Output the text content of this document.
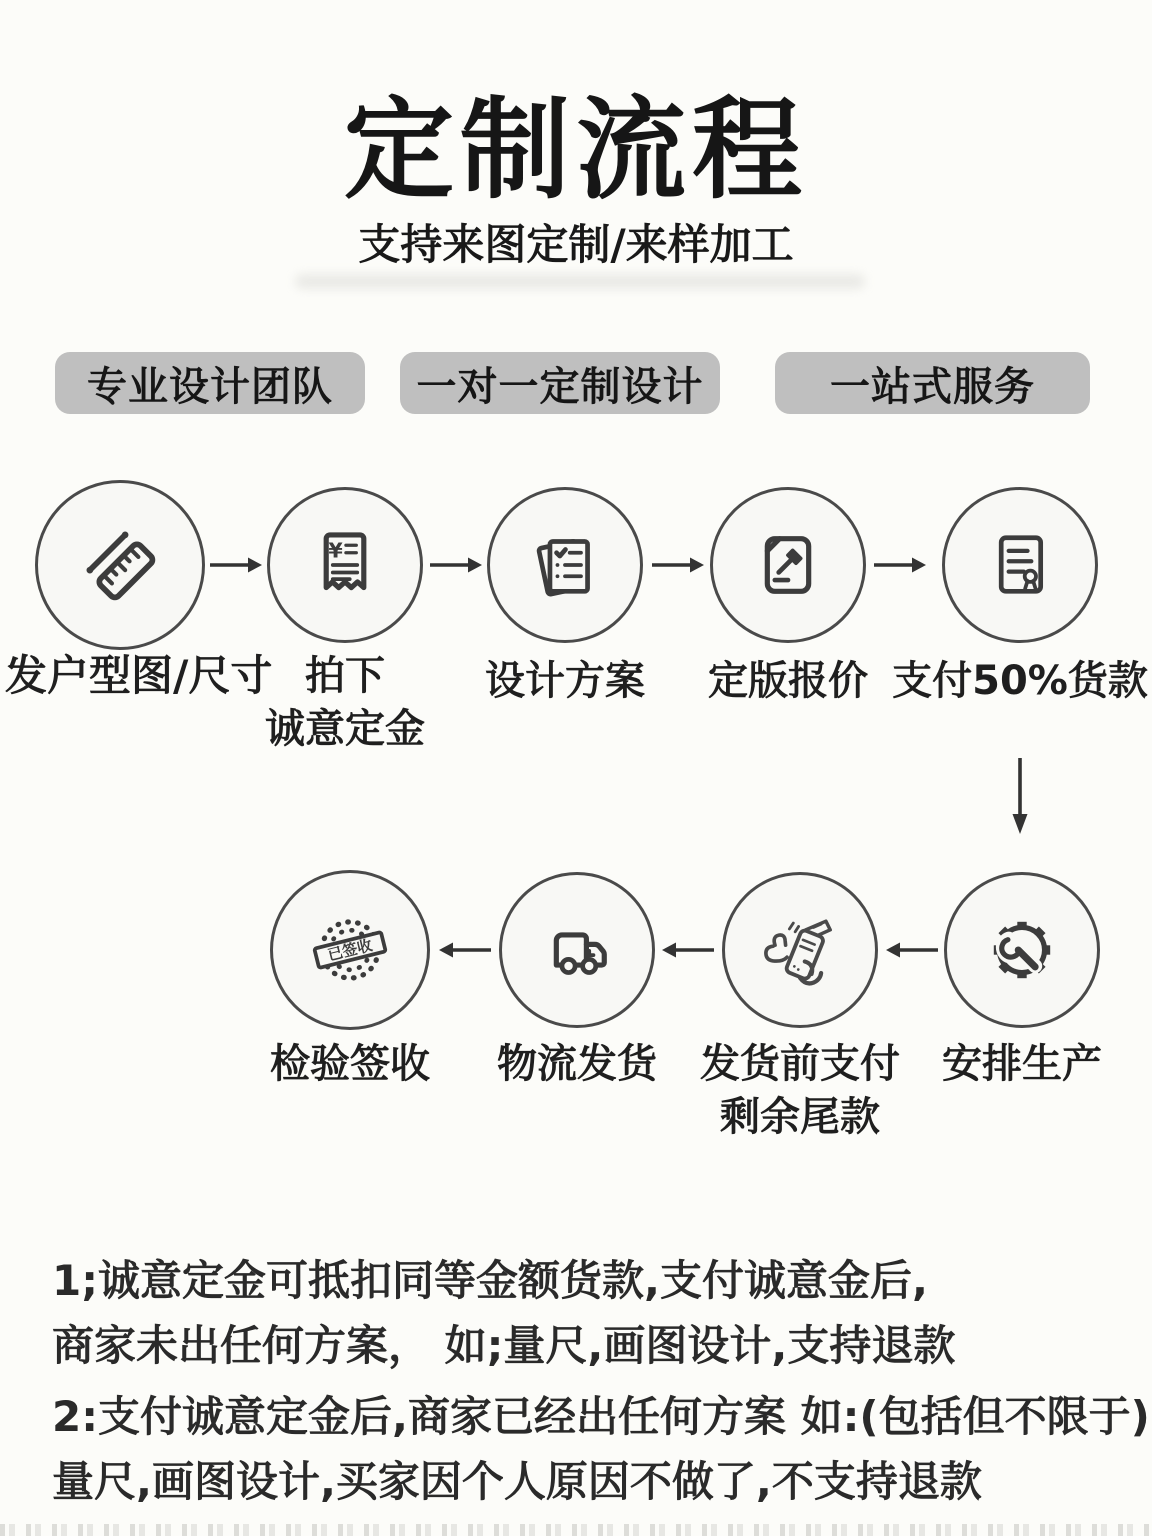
定制流程
支持来图定制/来样加工
专业设计团队	一对一定制设计	一站式服务
¥
发户型图/尺寸 拍下
诚意定金
设计方案	定版报价 支付50%货款
已签收
检验签收	物流发货	发货前支付
剩余尾款
安排生产
1;诚意定金可抵扣同等金额货款,支付诚意金后,
商家未出任何方案， 如;量尺,画图设计,支持退款
2:支付诚意定金后,商家已经出任何方案 如:(包括但不限于)
量尺,画图设计,买家因个人原因不做了,不支持退款
